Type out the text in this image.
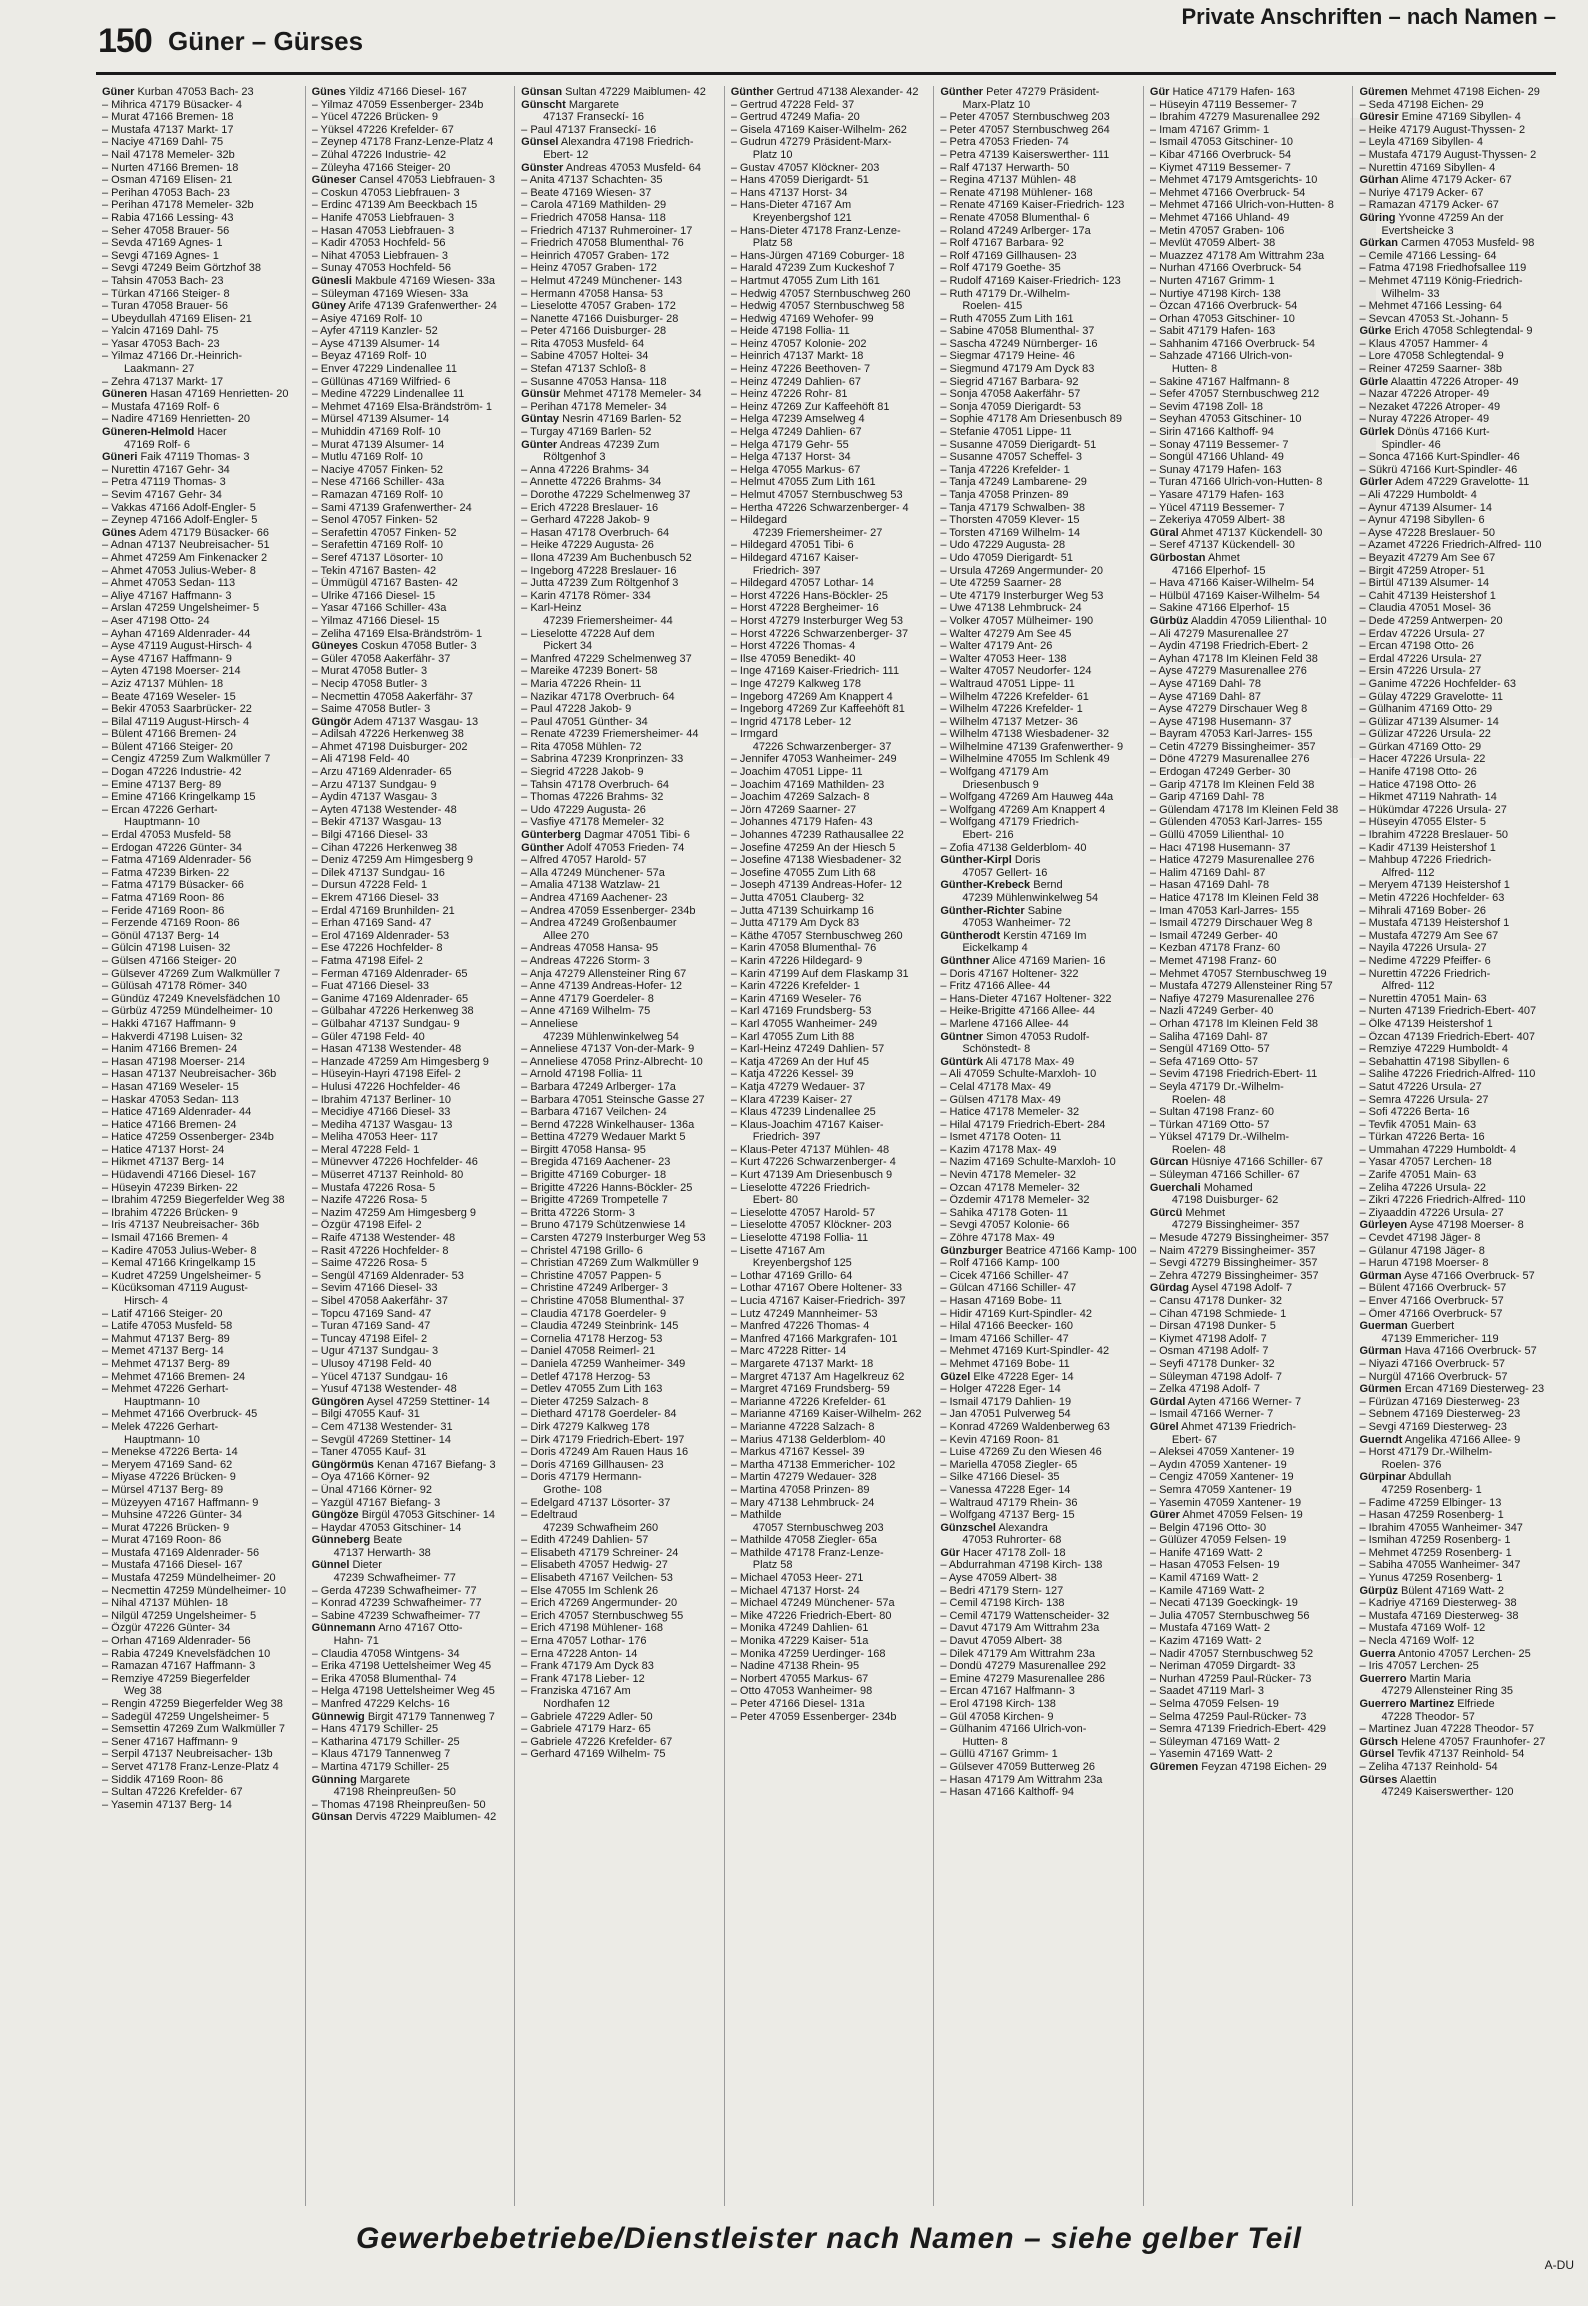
150 Güner – Gürses
Private Anschriften – nach Namen –
Güner Kurban 47053 Bach- 23
– Mihrica 47179 Büsacker- 4
– Murat 47166 Bremen- 18
– Mustafa 47137 Markt- 17
– Naciye 47169 Dahl- 75
– Nail 47178 Memeler- 32b
– Nurten 47166 Bremen- 18
– Osman 47169 Elisen- 21
– Perihan 47053 Bach- 23
– Perihan 47178 Memeler- 32b
– Rabia 47166 Lessing- 43
– Seher 47058 Brauer- 56
– Sevda 47169 Agnes- 1
– Sevgi 47169 Agnes- 1
– Sevgi 47249 Beim Görtzhof 38
– Tahsin 47053 Bach- 23
– Türkan 47166 Steiger- 8
– Turan 47058 Brauer- 56
– Ubeydullah 47169 Elisen- 21
– Yalcin 47169 Dahl- 75
– Yasar 47053 Bach- 23
– Yilmaz 47166 Dr.-Heinrich-
Laakmann- 27
– Zehra 47137 Markt- 17
Güneren Hasan 47169 Henrietten- 20
– Mustafa 47169 Rolf- 6
– Nadire 47169 Henrietten- 20
Güneren-Helmold Hacer
47169 Rolf- 6
Güneri Faik 47119 Thomas- 3
– Nurettin 47167 Gehr- 34
– Petra 47119 Thomas- 3
– Sevim 47167 Gehr- 34
– Vakkas 47166 Adolf-Engler- 5
– Zeynep 47166 Adolf-Engler- 5
Günes Adem 47179 Büsacker- 66
– Adnan 47137 Neubreisacher- 51
– Ahmet 47259 Am Finkenacker 2
– Ahmet 47053 Julius-Weber- 8
– Ahmet 47053 Sedan- 113
– Aliye 47167 Haffmann- 3
– Arslan 47259 Ungelsheimer- 5
– Aser 47198 Otto- 24
– Ayhan 47169 Aldenrader- 44
– Ayse 47119 August-Hirsch- 4
– Ayse 47167 Haffmann- 9
– Ayten 47198 Moerser- 214
– Aziz 47137 Mühlen- 18
– Beate 47169 Weseler- 15
– Bekir 47053 Saarbrücker- 22
– Bilal 47119 August-Hirsch- 4
– Bülent 47166 Bremen- 24
– Bülent 47166 Steiger- 20
– Cengiz 47259 Zum Walkmüller 7
– Dogan 47226 Industrie- 42
– Emine 47137 Berg- 89
– Emine 47166 Kringelkamp 15
– Ercan 47226 Gerhart-
Hauptmann- 10
– Erdal 47053 Musfeld- 58
– Erdogan 47226 Günter- 34
– Fatma 47169 Aldenrader- 56
– Fatma 47239 Birken- 22
– Fatma 47179 Büsacker- 66
– Fatma 47169 Roon- 86
– Feride 47169 Roon- 86
– Ferzende 47169 Roon- 86
– Gönül 47137 Berg- 14
– Gülcin 47198 Luisen- 32
– Gülsen 47166 Steiger- 20
– Gülsever 47269 Zum Walkmüller 7
– Gülüsah 47178 Römer- 340
– Gündüz 47249 Knevelsfädchen 10
– Gürbüz 47259 Mündelheimer- 10
– Hakki 47167 Haffmann- 9
– Hakverdi 47198 Luisen- 32
– Hanim 47166 Bremen- 24
– Hasan 47198 Moerser- 214
– Hasan 47137 Neubreisacher- 36b
– Hasan 47169 Weseler- 15
– Haskar 47053 Sedan- 113
– Hatice 47169 Aldenrader- 44
– Hatice 47166 Bremen- 24
– Hatice 47259 Ossenberger- 234b
– Hatice 47137 Horst- 24
– Hikmet 47137 Berg- 14
– Hüdavendi 47166 Diesel- 167
– Hüseyin 47239 Birken- 22
– Ibrahim 47259 Biegerfelder Weg 38
– Ibrahim 47226 Brücken- 9
– Iris 47137 Neubreisacher- 36b
– Ismail 47166 Bremen- 4
– Kadire 47053 Julius-Weber- 8
– Kemal 47166 Kringelkamp 15
– Kudret 47259 Ungelsheimer- 5
– Kücüksoman 47119 August-
Hirsch- 4
– Latif 47166 Steiger- 20
– Latife 47053 Musfeld- 58
– Mahmut 47137 Berg- 89
– Memet 47137 Berg- 14
– Mehmet 47137 Berg- 89
– Mehmet 47166 Bremen- 24
– Mehmet 47226 Gerhart-
Hauptmann- 10
– Mehmet 47166 Overbruck- 45
– Melek 47226 Gerhart-
Hauptmann- 10
– Menekse 47226 Berta- 14
– Meryem 47169 Sand- 62
– Miyase 47226 Brücken- 9
– Mürsel 47137 Berg- 89
– Müzeyyen 47167 Haffmann- 9
– Muhsine 47226 Günter- 34
– Murat 47226 Brücken- 9
– Murat 47169 Roon- 86
– Mustafa 47169 Aldenrader- 56
– Mustafa 47166 Diesel- 167
– Mustafa 47259 Mündelheimer- 20
– Necmettin 47259 Mündelheimer- 10
– Nihal 47137 Mühlen- 18
– Nilgül 47259 Ungelsheimer- 5
– Özgür 47226 Günter- 34
– Orhan 47169 Aldenrader- 56
– Rabia 47249 Knevelsfädchen 10
– Ramazan 47167 Haffmann- 3
– Remziye 47259 Biegerfelder
Weg 38
– Rengin 47259 Biegerfelder Weg 38
– Sadegül 47259 Ungelsheimer- 5
– Semsettin 47269 Zum Walkmüller 7
– Sener 47167 Haffmann- 9
– Serpil 47137 Neubreisacher- 13b
– Servet 47178 Franz-Lenze-Platz 4
– Siddik 47169 Roon- 86
– Sultan 47226 Krefelder- 67
– Yasemin 47137 Berg- 14
Günes Yildiz 47166 Diesel- 167
– Yilmaz 47059 Essenberger- 234b
– Yücel 47226 Brücken- 9
– Yüksel 47226 Krefelder- 67
– Zeynep 47178 Franz-Lenze-Platz 4
– Zühal 47226 Industrie- 42
– Züleyha 47166 Steiger- 20
Güneser Cansel 47053 Liebfrauen- 3
– Coskun 47053 Liebfrauen- 3
– Erdinc 47139 Am Beeckbach 15
– Hanife 47053 Liebfrauen- 3
– Hasan 47053 Liebfrauen- 3
– Kadir 47053 Hochfeld- 56
– Nihat 47053 Liebfrauen- 3
– Sunay 47053 Hochfeld- 56
Günesli Makbule 47169 Wiesen- 33a
– Süleyman 47169 Wiesen- 33a
Güney Arife 47139 Grafenwerther- 24
– Asiye 47169 Rolf- 10
– Ayfer 47119 Kanzler- 52
– Ayse 47139 Alsumer- 14
– Beyaz 47169 Rolf- 10
– Enver 47229 Lindenallee 11
– Güllünas 47169 Wilfried- 6
– Medine 47229 Lindenallee 11
– Mehmet 47169 Elsa-Brändström- 1
– Mürsel 47139 Alsumer- 14
– Muhiddin 47169 Rolf- 10
– Murat 47139 Alsumer- 14
– Mutlu 47169 Rolf- 10
– Naciye 47057 Finken- 52
– Nese 47166 Schiller- 43a
– Ramazan 47169 Rolf- 10
– Sami 47139 Grafenwerther- 24
– Senol 47057 Finken- 52
– Serafettin 47057 Finken- 52
– Serafettin 47169 Rolf- 10
– Seref 47137 Lösorter- 10
– Tekin 47167 Basten- 42
– Ümmügül 47167 Basten- 42
– Ulrike 47166 Diesel- 15
– Yasar 47166 Schiller- 43a
– Yilmaz 47166 Diesel- 15
– Zeliha 47169 Elsa-Brändström- 1
Güneyes Coskun 47058 Butler- 3
– Güler 47058 Aakerfähr- 37
– Murat 47058 Butler- 3
– Necip 47058 Butler- 3
– Necmettin 47058 Aakerfähr- 37
– Saime 47058 Butler- 3
Güngör Adem 47137 Wasgau- 13
– Adilsah 47226 Herkenweg 38
– Ahmet 47198 Duisburger- 202
– Ali 47198 Feld- 40
– Arzu 47169 Aldenrader- 65
– Arzu 47137 Sundgau- 9
– Aydin 47137 Wasgau- 3
– Ayten 47138 Westender- 48
– Bekir 47137 Wasgau- 13
– Bilgi 47166 Diesel- 33
– Cihan 47226 Herkenweg 38
– Deniz 47259 Am Himgesberg 9
– Dilek 47137 Sundgau- 16
– Dursun 47228 Feld- 1
– Ekrem 47166 Diesel- 33
– Erdal 47169 Brunhilden- 21
– Erhan 47169 Sand- 47
– Erol 47169 Aldenrader- 53
– Ese 47226 Hochfelder- 8
– Fatma 47198 Eifel- 2
– Ferman 47169 Aldenrader- 65
– Fuat 47166 Diesel- 33
– Ganime 47169 Aldenrader- 65
– Gülbahar 47226 Herkenweg 38
– Gülbahar 47137 Sundgau- 9
– Güler 47198 Feld- 40
– Hasan 47138 Westender- 48
– Hanzade 47259 Am Himgesberg 9
– Hüseyin-Hayri 47198 Eifel- 2
– Hulusi 47226 Hochfelder- 46
– Ibrahim 47137 Berliner- 10
– Mecidiye 47166 Diesel- 33
– Mediha 47137 Wasgau- 13
– Meliha 47053 Heer- 117
– Meral 47228 Feld- 1
– Münevver 47226 Hochfelder- 46
– Müserret 47137 Reinhold- 80
– Mustafa 47226 Rosa- 5
– Nazife 47226 Rosa- 5
– Nazim 47259 Am Himgesberg 9
– Özgür 47198 Eifel- 2
– Raife 47138 Westender- 48
– Rasit 47226 Hochfelder- 8
– Saime 47226 Rosa- 5
– Sengül 47169 Aldenrader- 53
– Sevim 47166 Diesel- 33
– Sibel 47058 Aakerfähr- 37
– Topcu 47169 Sand- 47
– Turan 47169 Sand- 47
– Tuncay 47198 Eifel- 2
– Ugur 47137 Sundgau- 3
– Ulusoy 47198 Feld- 40
– Yücel 47137 Sundgau- 16
– Yusuf 47138 Westender- 48
Güngören Aysel 47259 Stettiner- 14
– Bilgi 47055 Kauf- 31
– Cem 47138 Westender- 31
– Sevgül 47269 Stettiner- 14
– Taner 47055 Kauf- 31
Güngörmüs Kenan 47167 Biefang- 3
– Oya 47166 Körner- 92
– Ünal 47166 Körner- 92
– Yazgül 47167 Biefang- 3
Güngöze Birgül 47053 Gitschiner- 14
– Haydar 47053 Gitschiner- 14
Günneberg Beate
47137 Herwarth- 38
Günnel Dieter
47239 Schwafheimer- 77
– Gerda 47239 Schwafheimer- 77
– Konrad 47239 Schwafheimer- 77
– Sabine 47239 Schwafheimer- 77
Günnemann Arno 47167 Otto-
Hahn- 71
– Claudia 47058 Wintgens- 34
– Erika 47198 Uettelsheimer Weg 45
– Erika 47058 Blumenthal- 74
– Helga 47198 Uettelsheimer Weg 45
– Manfred 47229 Kelchs- 16
Günnewig Birgit 47179 Tannenweg 7
– Hans 47179 Schiller- 25
– Katharina 47179 Schiller- 25
– Klaus 47179 Tannenweg 7
– Martina 47179 Schiller- 25
Günning Margarete
47198 Rheinpreußen- 50
– Thomas 47198 Rheinpreußen- 50
Günsan Dervis 47229 Maiblumen- 42
Günsan Sultan 47229 Maiblumen- 42
Günscht Margarete
47137 Franseckí- 16
– Paul 47137 Franseckí- 16
Günsel Alexandra 47198 Friedrich-
Ebert- 12
Günster Andreas 47053 Musfeld- 64
– Anita 47137 Schachten- 35
– Beate 47169 Wiesen- 37
– Carola 47169 Mathilden- 29
– Friedrich 47058 Hansa- 118
– Friedrich 47137 Ruhmeroiner- 17
– Friedrich 47058 Blumenthal- 76
– Heinrich 47057 Graben- 172
– Heinz 47057 Graben- 172
– Helmut 47249 Münchener- 143
– Hermann 47058 Hansa- 53
– Lieselotte 47057 Graben- 172
– Nanette 47166 Duisburger- 28
– Peter 47166 Duisburger- 28
– Rita 47053 Musfeld- 64
– Sabine 47057 Holtei- 34
– Stefan 47137 Schloß- 8
– Susanne 47053 Hansa- 118
Günsür Mehmet 47178 Memeler- 34
– Perihan 47178 Memeler- 34
Güntay Nesrin 47169 Barlen- 52
– Turgay 47169 Barlen- 52
Günter Andreas 47239 Zum
Röltgenhof 3
– Anna 47226 Brahms- 34
– Annette 47226 Brahms- 34
– Dorothe 47229 Schelmenweg 37
– Erich 47228 Breslauer- 16
– Gerhard 47228 Jakob- 9
– Hasan 47178 Overbruch- 64
– Heike 47229 Augusta- 26
– Ilona 47239 Am Buchenbusch 52
– Ingeborg 47228 Breslauer- 16
– Jutta 47239 Zum Röltgenhof 3
– Karin 47178 Römer- 334
– Karl-Heinz
47239 Friemersheimer- 44
– Lieselotte 47228 Auf dem
Pickert 34
– Manfred 47229 Schelmenweg 37
– Mareike 47239 Bonert- 58
– Maria 47226 Rhein- 11
– Nazikar 47178 Overbruch- 64
– Paul 47228 Jakob- 9
– Paul 47051 Günther- 34
– Renate 47239 Friemersheimer- 44
– Rita 47058 Mühlen- 72
– Sabrina 47239 Kronprinzen- 33
– Siegrid 47228 Jakob- 9
– Tahsin 47178 Overbruch- 64
– Thomas 47226 Brahms- 32
– Udo 47229 Augusta- 26
– Vasfiye 47178 Memeler- 32
Günterberg Dagmar 47051 Tibi- 6
Günther Adolf 47053 Frieden- 74
– Alfred 47057 Harold- 57
– Alla 47249 Münchener- 57a
– Amalia 47138 Watzlaw- 21
– Andrea 47169 Aachener- 23
– Andrea 47059 Essenberger- 234b
– Andrea 47249 Großenbaumer
Allee 270
– Andreas 47058 Hansa- 95
– Andreas 47226 Storm- 3
– Anja 47279 Allensteiner Ring 67
– Anne 47139 Andreas-Hofer- 12
– Anne 47179 Goerdeler- 8
– Anne 47169 Wilhelm- 75
– Anneliese
47239 Mühlenwinkelweg 54
– Anneliese 47137 Von-der-Mark- 9
– Anneliese 47058 Prinz-Albrecht- 10
– Arnold 47198 Follia- 11
– Barbara 47249 Arlberger- 17a
– Barbara 47051 Steinsche Gasse 27
– Barbara 47167 Veilchen- 24
– Bernd 47228 Winkelhauser- 136a
– Bettina 47279 Wedauer Markt 5
– Birgitt 47058 Hansa- 95
– Bregida 47169 Aachener- 23
– Brigitte 47169 Coburger- 18
– Brigitte 47226 Hanns-Böckler- 25
– Brigitte 47269 Trompetelle 7
– Britta 47226 Storm- 3
– Bruno 47179 Schützenwiese 14
– Carsten 47279 Insterburger Weg 53
– Christel 47198 Grillo- 6
– Christian 47269 Zum Walkmüller 9
– Christine 47057 Pappen- 5
– Christine 47249 Arlberger- 3
– Christine 47058 Blumenthal- 37
– Claudia 47178 Goerdeler- 9
– Claudia 47249 Steinbrink- 145
– Cornelia 47178 Herzog- 53
– Daniel 47058 Reimerl- 21
– Daniela 47259 Wanheimer- 349
– Detlef 47178 Herzog- 53
– Detlev 47055 Zum Lith 163
– Dieter 47259 Salzach- 8
– Diethard 47178 Goerdeler- 84
– Dirk 47279 Kalkweg 178
– Dirk 47179 Friedrich-Ebert- 197
– Doris 47249 Am Rauen Haus 16
– Doris 47169 Gillhausen- 23
– Doris 47179 Hermann-
Grothe- 108
– Edelgard 47137 Lösorter- 37
– Edeltraud
47239 Schwafheim 260
– Edith 47249 Dahlien- 57
– Elisabeth 47179 Schreiner- 24
– Elisabeth 47057 Hedwig- 27
– Elisabeth 47167 Veilchen- 53
– Else 47055 Im Schlenk 26
– Erich 47269 Angermunder- 20
– Erich 47057 Sternbuschweg 55
– Erich 47198 Mühlener- 168
– Erna 47057 Lothar- 176
– Erna 47228 Anton- 14
– Frank 47179 Am Dyck 83
– Frank 47178 Lieber- 12
– Franziska 47167 Am
Nordhafen 12
– Gabriele 47229 Adler- 50
– Gabriele 47179 Harz- 65
– Gabriele 47226 Krefelder- 67
– Gerhard 47169 Wilhelm- 75
Günther Gertrud 47138 Alexander- 42
– Gertrud 47228 Feld- 37
– Gertrud 47249 Mafia- 20
– Gisela 47169 Kaiser-Wilhelm- 262
– Gudrun 47279 Präsident-Marx-
Platz 10
– Gustav 47057 Klöckner- 203
– Hans 47059 Dierigardt- 51
– Hans 47137 Horst- 34
– Hans-Dieter 47167 Am
Kreyenbergshof 121
– Hans-Dieter 47178 Franz-Lenze-
Platz 58
– Hans-Jürgen 47169 Coburger- 18
– Harald 47239 Zum Kuckeshof 7
– Hartmut 47055 Zum Lith 161
– Hedwig 47057 Sternbuschweg 260
– Hedwig 47057 Sternbuschweg 58
– Hedwig 47169 Wehofer- 99
– Heide 47198 Follia- 11
– Heinz 47057 Kolonie- 202
– Heinrich 47137 Markt- 18
– Heinz 47226 Beethoven- 7
– Heinz 47249 Dahlien- 67
– Heinz 47226 Rohr- 81
– Heinz 47269 Zur Kaffeehöft 81
– Helga 47239 Amselweg 4
– Helga 47249 Dahlien- 67
– Helga 47179 Gehr- 55
– Helga 47137 Horst- 34
– Helga 47055 Markus- 67
– Helmut 47055 Zum Lith 161
– Helmut 47057 Sternbuschweg 53
– Hertha 47226 Schwarzenberger- 4
– Hildegard
47239 Friemersheimer- 27
– Hildegard 47051 Tibi- 6
– Hildegard 47167 Kaiser-
Friedrich- 397
– Hildegard 47057 Lothar- 14
– Horst 47226 Hans-Böckler- 25
– Horst 47228 Bergheimer- 16
– Horst 47279 Insterburger Weg 53
– Horst 47226 Schwarzenberger- 37
– Horst 47226 Thomas- 4
– Ilse 47059 Benedikt- 40
– Inge 47169 Kaiser-Friedrich- 111
– Inge 47279 Kalkweg 178
– Ingeborg 47269 Am Knappert 4
– Ingeborg 47269 Zur Kaffeehöft 81
– Ingrid 47178 Leber- 12
– Irmgard
47226 Schwarzenberger- 37
– Jennifer 47053 Wanheimer- 249
– Joachim 47051 Lippe- 11
– Joachim 47169 Mathilden- 23
– Joachim 47269 Salzach- 8
– Jörn 47269 Saarner- 27
– Johannes 47179 Hafen- 43
– Johannes 47239 Rathausallee 22
– Josefine 47259 An der Hiesch 5
– Josefine 47138 Wiesbadener- 32
– Josefine 47055 Zum Lith 68
– Joseph 47139 Andreas-Hofer- 12
– Jutta 47051 Clauberg- 32
– Jutta 47139 Schuirkamp 16
– Jutta 47179 Am Dyck 83
– Käthe 47057 Sternbuschweg 260
– Karin 47058 Blumenthal- 76
– Karin 47226 Hildegard- 9
– Karin 47199 Auf dem Flaskamp 31
– Karin 47226 Krefelder- 1
– Karin 47169 Weseler- 76
– Karl 47169 Frundsberg- 53
– Karl 47055 Wanheimer- 249
– Karl 47055 Zum Lith 88
– Karl-Heinz 47249 Dahlien- 57
– Katja 47269 An der Huf 45
– Katja 47226 Kessel- 39
– Katja 47279 Wedauer- 37
– Klara 47239 Kaiser- 27
– Klaus 47239 Lindenallee 25
– Klaus-Joachim 47167 Kaiser-
Friedrich- 397
– Klaus-Peter 47137 Mühlen- 48
– Kurt 47226 Schwarzenberger- 4
– Kurt 47139 Am Driesenbusch 9
– Lieselotte 47226 Friedrich-
Ebert- 80
– Lieselotte 47057 Harold- 57
– Lieselotte 47057 Klöckner- 203
– Lieselotte 47198 Follia- 11
– Lisette 47167 Am
Kreyenbergshof 125
– Lothar 47169 Grillo- 64
– Lothar 47167 Obere Holtener- 33
– Lucia 47167 Kaiser-Friedrich- 397
– Lutz 47249 Mannheimer- 53
– Manfred 47226 Thomas- 4
– Manfred 47166 Markgrafen- 101
– Marc 47228 Ritter- 14
– Margarete 47137 Markt- 18
– Margret 47137 Am Hagelkreuz 62
– Margret 47169 Frundsberg- 59
– Marianne 47226 Krefelder- 61
– Marianne 47169 Kaiser-Wilhelm- 262
– Marianne 47228 Salzach- 8
– Marius 47138 Gelderblom- 40
– Markus 47167 Kessel- 39
– Martha 47138 Emmericher- 102
– Martin 47279 Wedauer- 328
– Martina 47058 Prinzen- 89
– Mary 47138 Lehmbruck- 24
– Mathilde
47057 Sternbuschweg 203
– Mathilde 47058 Ziegler- 65a
– Mathilde 47178 Franz-Lenze-
Platz 58
– Michael 47053 Heer- 271
– Michael 47137 Horst- 24
– Michael 47249 Münchener- 57a
– Mike 47226 Friedrich-Ebert- 80
– Monika 47249 Dahlien- 61
– Monika 47229 Kaiser- 51a
– Monika 47259 Uerdinger- 168
– Nadine 47138 Rhein- 95
– Norbert 47055 Markus- 67
– Otto 47053 Wanheimer- 98
– Peter 47166 Diesel- 131a
– Peter 47059 Essenberger- 234b
Günther Peter 47279 Präsident-
Marx-Platz 10
– Peter 47057 Sternbuschweg 203
– Peter 47057 Sternbuschweg 264
– Petra 47053 Frieden- 74
– Petra 47139 Kaiserswerther- 111
– Ralf 47137 Herwarth- 50
– Regina 47137 Mühlen- 48
– Renate 47198 Mühlener- 168
– Renate 47169 Kaiser-Friedrich- 123
– Renate 47058 Blumenthal- 6
– Roland 47249 Arlberger- 17a
– Rolf 47167 Barbara- 92
– Rolf 47169 Gillhausen- 23
– Rolf 47179 Goethe- 35
– Rudolf 47169 Kaiser-Friedrich- 123
– Ruth 47179 Dr.-Wilhelm-
Roelen- 415
– Ruth 47055 Zum Lith 161
– Sabine 47058 Blumenthal- 37
– Sascha 47249 Nürnberger- 16
– Siegmar 47179 Heine- 46
– Siegmund 47179 Am Dyck 83
– Siegrid 47167 Barbara- 92
– Sonja 47058 Aakerfähr- 57
– Sonja 47059 Dierigardt- 53
– Sophie 47178 Am Driesenbusch 89
– Stefanie 47051 Lippe- 11
– Susanne 47059 Dierigardt- 51
– Susanne 47057 Scheffel- 3
– Tanja 47226 Krefelder- 1
– Tanja 47249 Lambarene- 29
– Tanja 47058 Prinzen- 89
– Tanja 47179 Schwalben- 38
– Thorsten 47059 Klever- 15
– Torsten 47169 Wilhelm- 14
– Udo 47229 Augusta- 28
– Udo 47059 Dierigardt- 51
– Ursula 47269 Angermunder- 20
– Ute 47259 Saarner- 28
– Ute 47179 Insterburger Weg 53
– Uwe 47138 Lehmbruck- 24
– Volker 47057 Mülheimer- 190
– Walter 47279 Am See 45
– Walter 47179 Ant- 26
– Walter 47053 Heer- 138
– Walter 47057 Neudorfer- 124
– Waltraud 47051 Lippe- 11
– Wilhelm 47226 Krefelder- 61
– Wilhelm 47226 Krefelder- 1
– Wilhelm 47137 Metzer- 36
– Wilhelm 47138 Wiesbadener- 32
– Wilhelmine 47139 Grafenwerther- 9
– Wilhelmine 47055 Im Schlenk 49
– Wolfgang 47179 Am
Driesenbusch 9
– Wolfgang 47269 Am Hauweg 44a
– Wolfgang 47269 Am Knappert 4
– Wolfgang 47179 Friedrich-
Ebert- 216
– Zofia 47138 Gelderblom- 40
Günther-Kirpl Doris
47057 Gellert- 16
Günther-Krebeck Bernd
47239 Mühlenwinkelweg 54
Günther-Richter Sabine
47053 Wanheimer- 72
Güntherodt Kerstin 47169 Im
Eickelkamp 4
Günthner Alice 47169 Marien- 16
– Doris 47167 Holtener- 322
– Fritz 47166 Allee- 44
– Hans-Dieter 47167 Holtener- 322
– Heike-Brigitte 47166 Allee- 44
– Marlene 47166 Allee- 44
Güntner Simon 47053 Rudolf-
Schönstedt- 8
Güntürk Ali 47178 Max- 49
– Ali 47059 Schulte-Marxloh- 10
– Celal 47178 Max- 49
– Gülsen 47178 Max- 49
– Hatice 47178 Memeler- 32
– Hilal 47179 Friedrich-Ebert- 284
– Ismet 47178 Ooten- 11
– Kazim 47178 Max- 49
– Nazim 47169 Schulte-Marxloh- 10
– Nevin 47178 Memeler- 32
– Ozcan 47178 Memeler- 32
– Özdemir 47178 Memeler- 32
– Sahika 47178 Goten- 11
– Sevgi 47057 Kolonie- 66
– Zöhre 47178 Max- 49
Günzburger Beatrice 47166 Kamp- 100
– Rolf 47166 Kamp- 100
– Cicek 47166 Schiller- 47
– Gülcan 47166 Schiller- 47
– Hasan 47169 Bobe- 11
– Hidir 47169 Kurt-Spindler- 42
– Hilal 47166 Beecker- 160
– Imam 47166 Schiller- 47
– Mehmet 47169 Kurt-Spindler- 42
– Mehmet 47169 Bobe- 11
Güzel Elke 47228 Eger- 14
– Holger 47228 Eger- 14
– Ismail 47179 Dahlien- 19
– Jan 47051 Pulverweg 54
– Konrad 47269 Waldenberweg 63
– Kevin 47169 Roon- 81
– Luise 47269 Zu den Wiesen 46
– Mariella 47058 Ziegler- 65
– Silke 47166 Diesel- 35
– Vanessa 47228 Eger- 14
– Waltraud 47179 Rhein- 36
– Wolfgang 47137 Berg- 15
Günzschel Alexandra
47053 Ruhrorter- 68
Gür Hacer 47178 Zoll- 18
– Abdurrahman 47198 Kirch- 138
– Ayse 47059 Albert- 38
– Bedri 47179 Stern- 127
– Cemil 47198 Kirch- 138
– Cemil 47179 Wattenscheider- 32
– Davut 47179 Am Wittrahm 23a
– Davut 47059 Albert- 38
– Dilek 47179 Am Wittrahm 23a
– Dondü 47279 Masurenallee 292
– Emine 47279 Masurenallee 286
– Ercan 47167 Halfmann- 3
– Erol 47198 Kirch- 138
– Gül 47058 Kirchen- 9
– Gülhanim 47166 Ulrich-von-
Hutten- 8
– Güllü 47167 Grimm- 1
– Gülsever 47059 Butterweg 26
– Hasan 47179 Am Wittrahm 23a
– Hasan 47166 Kalthoff- 94
Gür Hatice 47179 Hafen- 163
– Hüseyin 47119 Bessemer- 7
– Ibrahim 47279 Masurenallee 292
– Imam 47167 Grimm- 1
– Ismail 47053 Gitschiner- 10
– Kibar 47166 Overbruck- 54
– Kiymet 47119 Bessemer- 7
– Mehmet 47179 Amtsgerichts- 10
– Mehmet 47166 Overbruck- 54
– Mehmet 47166 Ulrich-von-Hutten- 8
– Mehmet 47166 Uhland- 49
– Metin 47057 Graben- 106
– Mevlüt 47059 Albert- 38
– Muazzez 47178 Am Wittrahm 23a
– Nurhan 47166 Overbruck- 54
– Nurten 47167 Grimm- 1
– Nurtiye 47198 Kirch- 138
– Özcan 47166 Overbruck- 54
– Orhan 47053 Gitschiner- 10
– Sabit 47179 Hafen- 163
– Sahhanim 47166 Overbruck- 54
– Sahzade 47166 Ulrich-von-
Hutten- 8
– Sakine 47167 Halfmann- 8
– Sefer 47057 Sternbuschweg 212
– Sevim 47198 Zoll- 18
– Seyhan 47053 Gitschiner- 10
– Sirin 47166 Kalthoff- 94
– Sonay 47119 Bessemer- 7
– Songül 47166 Uhland- 49
– Sunay 47179 Hafen- 163
– Turan 47166 Ulrich-von-Hutten- 8
– Yasare 47179 Hafen- 163
– Yücel 47119 Bessemer- 7
– Zekeriya 47059 Albert- 38
Güral Ahmet 47137 Kückendell- 30
– Seref 47137 Kückendell- 30
Gürbostan Ahmet
47166 Elperhof- 15
– Hava 47166 Kaiser-Wilhelm- 54
– Hülbül 47169 Kaiser-Wilhelm- 54
– Sakine 47166 Elperhof- 15
Gürbüz Aladdin 47059 Lilienthal- 10
– Ali 47279 Masurenallee 27
– Aydin 47198 Friedrich-Ebert- 2
– Ayhan 47178 Im Kleinen Feld 38
– Ayse 47279 Masurenallee 276
– Ayse 47169 Dahl- 78
– Ayse 47169 Dahl- 87
– Ayse 47279 Dirschauer Weg 8
– Ayse 47198 Husemann- 37
– Bayram 47053 Karl-Jarres- 155
– Cetin 47279 Bissingheimer- 357
– Döne 47279 Masurenallee 276
– Erdogan 47249 Gerber- 30
– Garip 47178 Im Kleinen Feld 38
– Garip 47169 Dahl- 78
– Gülendam 47178 Im Kleinen Feld 38
– Gülenden 47053 Karl-Jarres- 155
– Güllü 47059 Lilienthal- 10
– Hacı 47198 Husemann- 37
– Hatice 47279 Masurenallee 276
– Halim 47169 Dahl- 87
– Hasan 47169 Dahl- 78
– Hatice 47178 Im Kleinen Feld 38
– Iman 47053 Karl-Jarres- 155
– Ismail 47279 Dirschauer Weg 8
– Ismail 47249 Gerber- 40
– Kezban 47178 Franz- 60
– Memet 47198 Franz- 60
– Mehmet 47057 Sternbuschweg 19
– Mustafa 47279 Allensteiner Ring 57
– Nafiye 47279 Masurenallee 276
– Nazli 47249 Gerber- 40
– Orhan 47178 Im Kleinen Feld 38
– Saliha 47169 Dahl- 87
– Sengül 47169 Otto- 57
– Sefa 47169 Otto- 57
– Sevim 47198 Friedrich-Ebert- 11
– Seyla 47179 Dr.-Wilhelm-
Roelen- 48
– Sultan 47198 Franz- 60
– Türkan 47169 Otto- 57
– Yüksel 47179 Dr.-Wilhelm-
Roelen- 48
Gürcan Hüsniye 47166 Schiller- 67
– Süleyman 47166 Schiller- 67
Guerchali Mohamed
47198 Duisburger- 62
Gürcü Mehmet
47279 Bissingheimer- 357
– Mesude 47279 Bissingheimer- 357
– Naim 47279 Bissingheimer- 357
– Sevgi 47279 Bissingheimer- 357
– Zehra 47279 Bissingheimer- 357
Gürdag Aysel 47198 Adolf- 7
– Cansu 47178 Dunker- 32
– Cihan 47198 Schmiede- 1
– Dirsan 47198 Dunker- 5
– Kiymet 47198 Adolf- 7
– Osman 47198 Adolf- 7
– Seyfi 47178 Dunker- 32
– Süleyman 47198 Adolf- 7
– Zelka 47198 Adolf- 7
Gürdal Ayten 47166 Werner- 7
– Ismail 47166 Werner- 7
Gürel Ahmet 47139 Friedrich-
Ebert- 67
– Aleksei 47059 Xantener- 19
– Aydın 47059 Xantener- 19
– Cengiz 47059 Xantener- 19
– Semra 47059 Xantener- 19
– Yasemin 47059 Xantener- 19
Gürer Ahmet 47059 Felsen- 19
– Belgin 47196 Otto- 30
– Gülüzer 47059 Felsen- 19
– Hanife 47169 Watt- 2
– Hasan 47053 Felsen- 19
– Kamil 47169 Watt- 2
– Kamile 47169 Watt- 2
– Necati 47139 Goeckingk- 19
– Julia 47057 Sternbuschweg 56
– Mustafa 47169 Watt- 2
– Kazim 47169 Watt- 2
– Nadir 47057 Sternbuschweg 52
– Neriman 47059 Dirgardt- 33
– Nurhan 47259 Paul-Rücker- 73
– Saadet 47119 Marl- 3
– Selma 47059 Felsen- 19
– Selma 47259 Paul-Rücker- 73
– Semra 47139 Friedrich-Ebert- 429
– Süleyman 47169 Watt- 2
– Yasemin 47169 Watt- 2
Güremen Feyzan 47198 Eichen- 29
Güremen Mehmet 47198 Eichen- 29
– Seda 47198 Eichen- 29
Güresir Emine 47169 Sibyllen- 4
– Heike 47179 August-Thyssen- 2
– Leyla 47169 Sibyllen- 4
– Mustafa 47179 August-Thyssen- 2
– Nurettin 47169 Sibyllen- 4
Gürhan Alime 47179 Acker- 67
– Nuriye 47179 Acker- 67
– Ramazan 47179 Acker- 67
Güring Yvonne 47259 An der
Evertsheicke 3
Gürkan Carmen 47053 Musfeld- 98
– Cemile 47166 Lessing- 64
– Fatma 47198 Friedhofsallee 119
– Mehmet 47119 König-Friedrich-
Wilhelm- 33
– Mehmet 47166 Lessing- 64
– Sevcan 47053 St.-Johann- 5
Gürke Erich 47058 Schlegtendal- 9
– Klaus 47057 Hammer- 4
– Lore 47058 Schlegtendal- 9
– Reiner 47259 Saarner- 38b
Gürle Alaattin 47226 Atroper- 49
– Nazar 47226 Atroper- 49
– Nezaket 47226 Atroper- 49
– Nuray 47226 Atroper- 49
Gürlek Dönüs 47166 Kurt-
Spindler- 46
– Sonca 47166 Kurt-Spindler- 46
– Sükrü 47166 Kurt-Spindler- 46
Gürler Adem 47229 Gravelotte- 11
– Ali 47229 Humboldt- 4
– Aynur 47139 Alsumer- 14
– Aynur 47198 Sibyllen- 6
– Ayse 47228 Breslauer- 50
– Azamet 47226 Friedrich-Alfred- 110
– Beyazit 47279 Am See 67
– Birgit 47259 Atroper- 51
– Birtül 47139 Alsumer- 14
– Cahit 47139 Heistershof 1
– Claudia 47051 Mosel- 36
– Dede 47259 Antwerpen- 20
– Erdav 47226 Ursula- 27
– Ercan 47198 Otto- 26
– Erdal 47226 Ursula- 27
– Ersin 47226 Ursula- 27
– Ganime 47226 Hochfelder- 63
– Gülay 47229 Gravelotte- 11
– Gülhanim 47169 Otto- 29
– Gülizar 47139 Alsumer- 14
– Gülizar 47226 Ursula- 22
– Gürkan 47169 Otto- 29
– Hacer 47226 Ursula- 22
– Hanife 47198 Otto- 26
– Hatice 47198 Otto- 26
– Hikmet 47119 Nahrath- 14
– Hükümdar 47226 Ursula- 27
– Hüseyin 47055 Elster- 5
– Ibrahim 47228 Breslauer- 50
– Kadir 47139 Heistershof 1
– Mahbup 47226 Friedrich-
Alfred- 112
– Meryem 47139 Heistershof 1
– Metin 47226 Hochfelder- 63
– Mihrali 47169 Bober- 26
– Mustafa 47139 Heistershof 1
– Mustafa 47279 Am See 67
– Nayila 47226 Ursula- 27
– Nedime 47229 Pfeiffer- 6
– Nurettin 47226 Friedrich-
Alfred- 112
– Nurettin 47051 Main- 63
– Nurten 47139 Friedrich-Ebert- 407
– Ölke 47139 Heistershof 1
– Özcan 47139 Friedrich-Ebert- 407
– Remziye 47229 Humboldt- 4
– Sebahattin 47198 Sibyllen- 6
– Salihe 47226 Friedrich-Alfred- 110
– Satut 47226 Ursula- 27
– Semra 47226 Ursula- 27
– Sofi 47226 Berta- 16
– Tevfik 47051 Main- 63
– Türkan 47226 Berta- 16
– Ummahan 47229 Humboldt- 4
– Yasar 47057 Lerchen- 18
– Zarife 47051 Main- 63
– Zeliha 47226 Ursula- 22
– Zikri 47226 Friedrich-Alfred- 110
– Ziyaaddin 47226 Ursula- 27
Gürleyen Ayse 47198 Moerser- 8
– Cevdet 47198 Jäger- 8
– Gülanur 47198 Jäger- 8
– Harun 47198 Moerser- 8
Gürman Ayse 47166 Overbruck- 57
– Bülent 47166 Overbruck- 57
– Enver 47166 Overbruck- 57
– Ömer 47166 Overbruck- 57
Guerman Guerbert
47139 Emmericher- 119
Gürman Hava 47166 Overbruck- 57
– Niyazi 47166 Overbruck- 57
– Nurgül 47166 Overbruck- 57
Gürmen Ercan 47169 Diesterweg- 23
– Fürüzan 47169 Diesterweg- 23
– Sebnem 47169 Diesterweg- 23
– Sevgi 47169 Diesterweg- 23
Guerndt Angelika 47166 Allee- 9
– Horst 47179 Dr.-Wilhelm-
Roelen- 376
Gürpinar Abdullah
47259 Rosenberg- 1
– Fadime 47259 Elbinger- 13
– Hasan 47259 Rosenberg- 1
– Ibrahim 47055 Wanheimer- 347
– Ismihan 47259 Rosenberg- 1
– Mehmet 47259 Rosenberg- 1
– Sabiha 47055 Wanheimer- 347
– Yunus 47259 Rosenberg- 1
Gürpüz Bülent 47169 Watt- 2
– Kadriye 47169 Diesterweg- 38
– Mustafa 47169 Diesterweg- 38
– Mustafa 47169 Wolf- 12
– Necla 47169 Wolf- 12
Guerra Antonio 47057 Lerchen- 25
– Iris 47057 Lerchen- 25
Guerrero Martin Maria
47279 Allensteiner Ring 35
Guerrero Martinez Elfriede
47228 Theodor- 57
– Martinez Juan 47228 Theodor- 57
Gürsch Helene 47057 Fraunhofer- 27
Gürsel Tevfik 47137 Reinhold- 54
– Zeliha 47137 Reinhold- 54
Gürses Alaettin
47249 Kaiserswerther- 120
Gewerbebetriebe/Dienstleister nach Namen – siehe gelber Teil
A-DU
